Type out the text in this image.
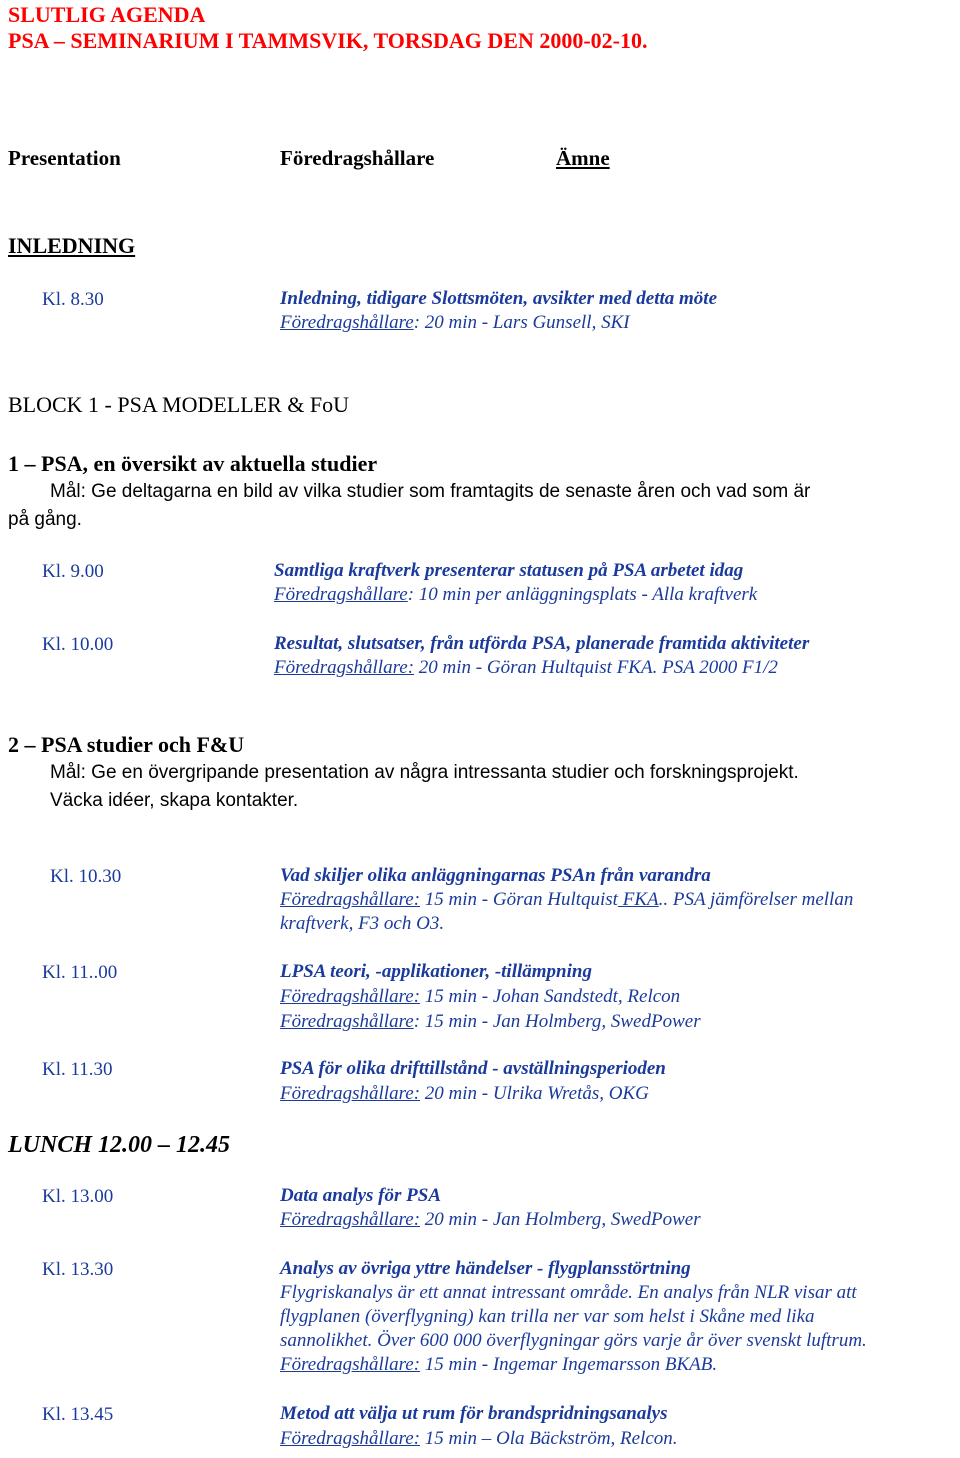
SLUTLIG AGENDA
PSA – SEMINARIUM I TAMMSVIK, TORSDAG DEN 2000-02-10.
Presentation	Föredragshållare	Ämne
INLEDNING
Kl. 8.30	Inledning, tidigare Slottsmöten, avsikter med detta möte
Föredragshållare: 20 min - Lars Gunsell, SKI
BLOCK 1 - PSA MODELLER & FoU
1 – PSA, en översikt av aktuella studier
Mål: Ge deltagarna en bild av vilka studier som framtagits de senaste åren och vad som är
på gång.
Kl. 9.00	Samtliga kraftverk presenterar statusen på PSA arbetet idag
Föredragshållare: 10 min per anläggningsplats - Alla kraftverk
Kl. 10.00	Resultat, slutsatser, från utförda PSA, planerade framtida aktiviteter
Föredragshållare: 20 min - Göran Hultquist FKA. PSA 2000 F1/2
2 – PSA studier och F&U
Mål: Ge en övergripande presentation av några intressanta studier och forskningsprojekt.
Väcka idéer, skapa kontakter.
Kl. 10.30	Vad skiljer olika anläggningarnas PSAn från varandra
Föredragshållare: 15 min - Göran Hultquist FKA.. PSA jämförelser mellan
kraftverk, F3 och O3.
Kl. 11..00	LPSA teori, -applikationer, -tillämpning
Föredragshållare: 15 min - Johan Sandstedt, Relcon
Föredragshållare: 15 min - Jan Holmberg, SwedPower
Kl. 11.30	PSA för olika drifttillstånd - avställningsperioden
Föredragshållare: 20 min - Ulrika Wretås, OKG
LUNCH 12.00 – 12.45
Kl. 13.00	Data analys för PSA
Föredragshållare: 20 min - Jan Holmberg, SwedPower
Kl. 13.30	Analys av övriga yttre händelser - flygplansstörtning
Flygriskanalys är ett annat intressant område. En analys från NLR visar att
flygplanen (överflygning) kan trilla ner var som helst i Skåne med lika
sannolikhet. Över 600 000 överflygningar görs varje år över svenskt luftrum.
Föredragshållare: 15 min - Ingemar Ingemarsson BKAB.
Kl. 13.45	Metod att välja ut rum för brandspridningsanalys
Föredragshållare: 15 min – Ola Bäckström, Relcon.
